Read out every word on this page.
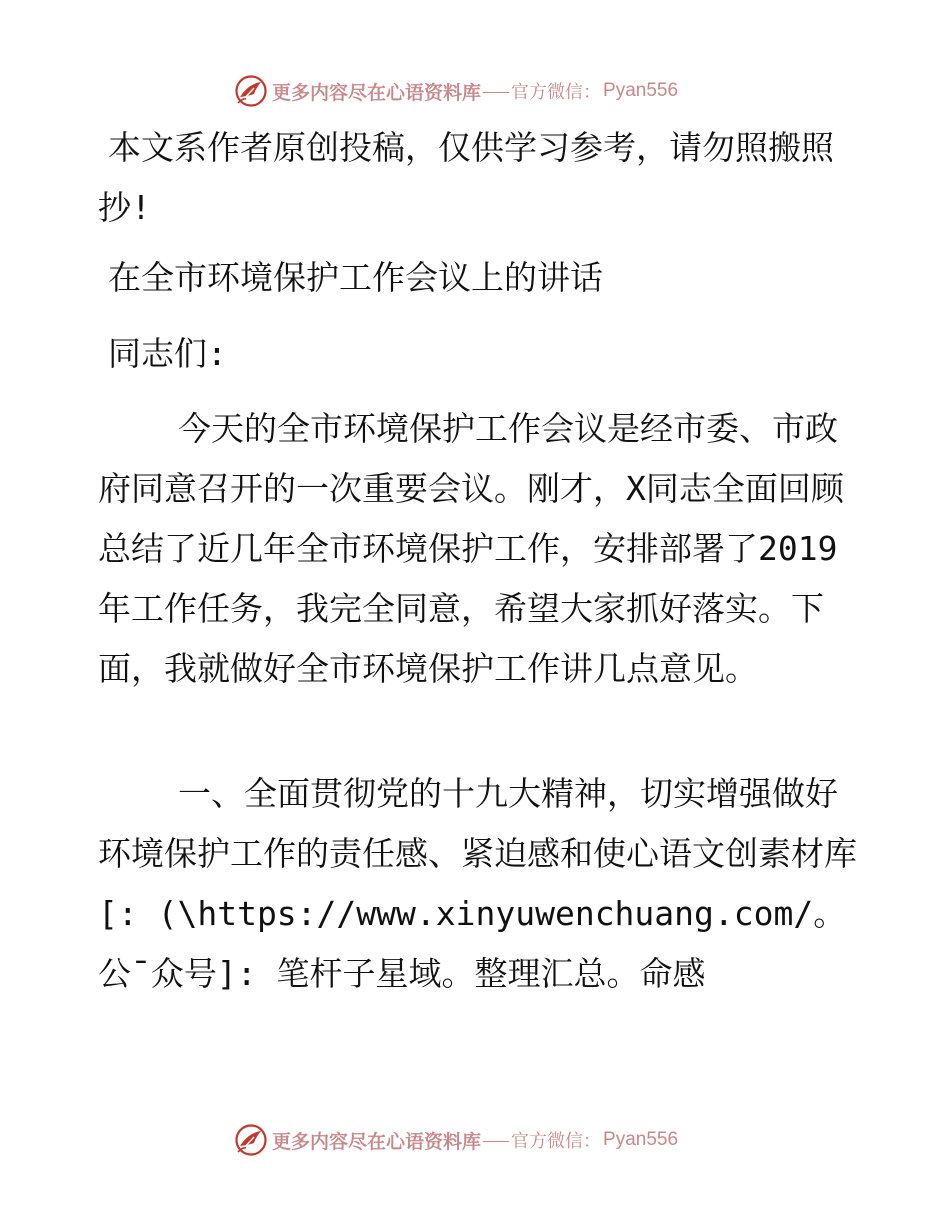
更多内容尽在心语资料库 官方微信： Pyan556

本文系作者原创投稿，仅供学习参考，请勿照搬照抄!

在全市环境保护工作会议上的讲话

同志们:

今天的全市环境保护工作会议是经市委、市政府同意召开的一次重要会议。刚才，X同志全面回顾总结了近几年全市环境保护工作，安排部署了2019年工作任务，我完全同意，希望大家抓好落实。下面，我就做好全市环境保护工作讲几点意见。

一、全面贯彻党的十九大精神，切实增强做好环境保护工作的责任感、紧迫感和使心语文创素材库[: (\https://www.xinyuwenchuang.com/。公¯众号]: 笔杆子星域。整理汇总。命感

更多内容尽在心语资料库 官方微信： Pyan556
